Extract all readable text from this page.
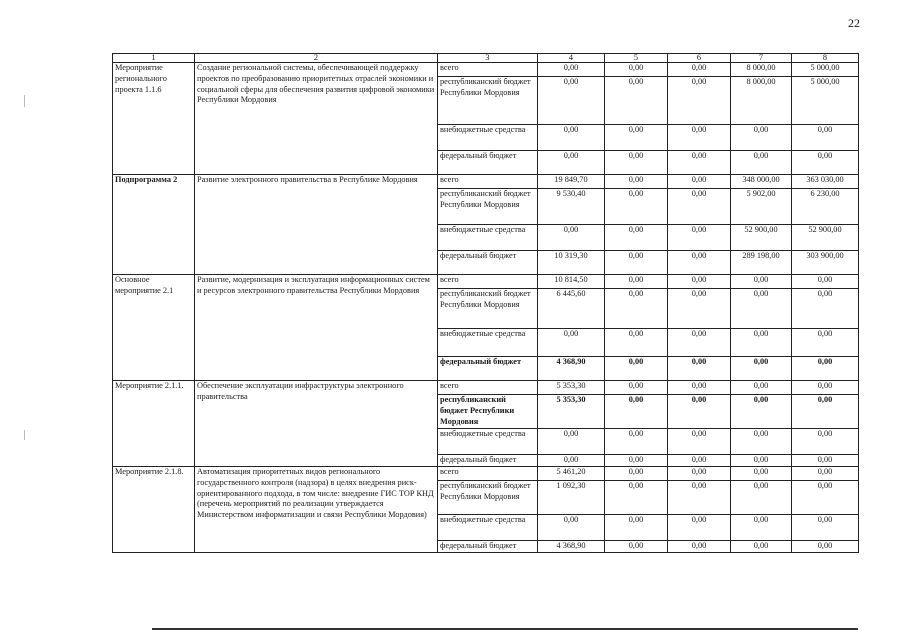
22
1	2	3	4	5	6	7	8
Мероприятие регионального проекта 1.1.6	Создание региональной системы, обеспечивающей поддержку проектов по преобразованию приоритетных отраслей экономики и социальной сферы для обеспечения развития цифровой экономики Республики Мордовия	всего	0,00	0,00	0,00	8 000,00	5 000,00
		республиканский бюджет Республики Мордовия	0,00	0,00	0,00	8 000,00	5 000,00
		внебюджетные средства	0,00	0,00	0,00	0,00	0,00
		федеральный бюджет	0,00	0,00	0,00	0,00	0,00
Подпрограмма 2	Развитие электронного правительства в Республике Мордовия	всего	19 849,70	0,00	0,00	348 000,00	363 030,00
		республиканский бюджет Республики Мордовия	9 530,40	0,00	0,00	5 902,00	6 230,00
		внебюджетные средства	0,00	0,00	0,00	52 900,00	52 900,00
		федеральный бюджет	10 319,30	0,00	0,00	289 198,00	303 900,00
Основное мероприятие 2.1	Развитие, модернизация и эксплуатация информационных систем и ресурсов электронного правительства Республики Мордовия	всего	10 814,50	0,00	0,00	0,00	0,00
		республиканский бюджет Республики Мордовия	6 445,60	0,00	0,00	0,00	0,00
		внебюджетные средства	0,00	0,00	0,00	0,00	0,00
		федеральный бюджет	4 368,90	0,00	0,00	0,00	0,00
Мероприятие 2.1.1.	Обеспечение эксплуатации инфраструктуры электронного правительства	всего	5 353,30	0,00	0,00	0,00	0,00
		республиканский бюджет Республики Мордовия	5 353,30	0,00	0,00	0,00	0,00
		внебюджетные средства	0,00	0,00	0,00	0,00	0,00
		федеральный бюджет	0,00	0,00	0,00	0,00	0,00
Мероприятие 2.1.8.	Автоматизация приоритетных видов регионального государственного контроля (надзора) в целях внедрения риск-ориентированного подхода, в том числе: внедрение ГИС ТОР КНД (перечень мероприятий по реализации утверждается Министерством информатизации и связи Республики Мордовия)	всего	5 461,20	0,00	0,00	0,00	0,00
		республиканский бюджет Республики Мордовия	1 092,30	0,00	0,00	0,00	0,00
		внебюджетные средства	0,00	0,00	0,00	0,00	0,00
		федеральный бюджет	4 368,90	0,00	0,00	0,00	0,00
